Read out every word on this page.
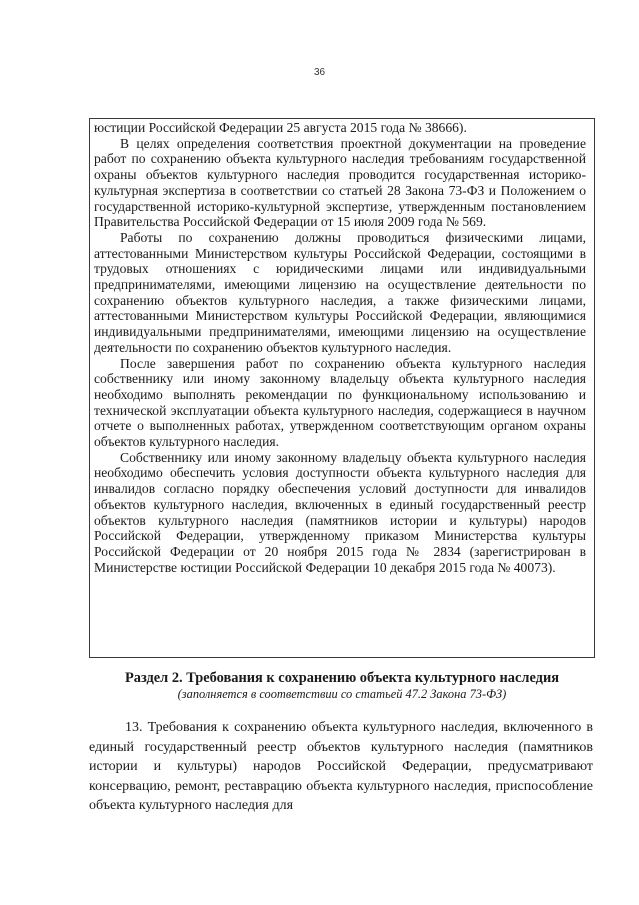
36

юстиции Российской Федерации 25 августа 2015 года № 38666).

В целях определения соответствия проектной документации на проведение работ по сохранению объекта культурного наследия требованиям государственной охраны объектов культурного наследия проводится государственная историко-культурная экспертиза в соответствии со статьей 28 Закона 73-ФЗ и Положением о государственной историко-культурной экспертизе, утвержденным постановлением Правительства Российской Федерации от 15 июля 2009 года № 569.

Работы по сохранению должны проводиться физическими лицами, аттестованными Министерством культуры Российской Федерации, состоящими в трудовых отношениях с юридическими лицами или индивидуальными предпринимателями, имеющими лицензию на осуществление деятельности по сохранению объектов культурного наследия, а также физическими лицами, аттестованными Министерством культуры Российской Федерации, являющимися индивидуальными предпринимателями, имеющими лицензию на осуществление деятельности по сохранению объектов культурного наследия.

После завершения работ по сохранению объекта культурного наследия собственнику или иному законному владельцу объекта культурного наследия необходимо выполнять рекомендации по функциональному использованию и технической эксплуатации объекта культурного наследия, содержащиеся в научном отчете о выполненных работах, утвержденном соответствующим органом охраны объектов культурного наследия.

Собственнику или иному законному владельцу объекта культурного наследия необходимо обеспечить условия доступности объекта культурного наследия для инвалидов согласно порядку обеспечения условий доступности для инвалидов объектов культурного наследия, включенных в единый государственный реестр объектов культурного наследия (памятников истории и культуры) народов Российской Федерации, утвержденному приказом Министерства культуры Российской Федерации от 20 ноября 2015 года № 2834 (зарегистрирован в Министерстве юстиции Российской Федерации 10 декабря 2015 года № 40073).

Раздел 2. Требования к сохранению объекта культурного наследия

(заполняется в соответствии со статьей 47.2 Закона 73-ФЗ)

13. Требования к сохранению объекта культурного наследия, включенного в единый государственный реестр объектов культурного наследия (памятников истории и культуры) народов Российской Федерации, предусматривают консервацию, ремонт, реставрацию объекта культурного наследия, приспособление объекта культурного наследия для
